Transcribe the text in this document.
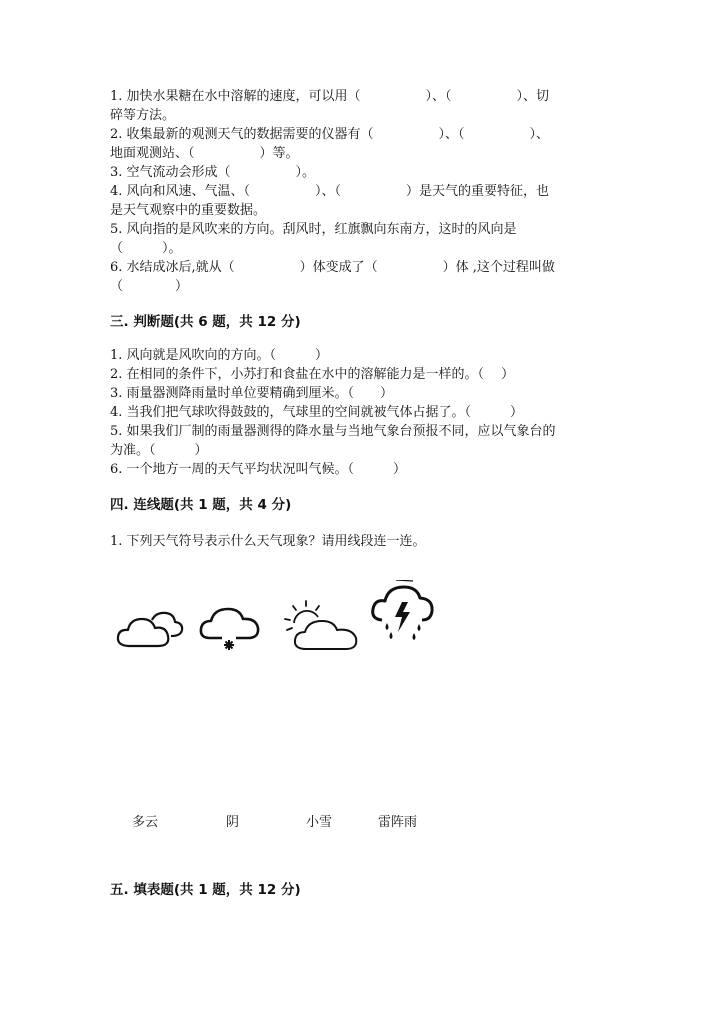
1. 加快水果糖在水中溶解的速度，可以用（　　　　　）、（　　　　　）、切
碎等方法。
2. 收集最新的观测天气的数据需要的仪器有（　　　　　）、（　　　　　）、
地面观测站、（　　　　　）等。
3. 空气流动会形成（　　　　　）。
4. 风向和风速、气温、（　　　　　）、（　　　　　）是天气的重要特征，也
是天气观察中的重要数据。
5. 风向指的是风吹来的方向。刮风时，红旗飘向东南方，这时的风向是
（　　　）。
6. 水结成冰后,就从（　　　　　）体变成了（　　　　　）体 ,这个过程叫做
（　　　　）
三. 判断题(共 6 题，共 12 分)
1. 风向就是风吹向的方向。（　　　）
2. 在相同的条件下，小苏打和食盐在水中的溶解能力是一样的。（　 ）
3. 雨量器测降雨量时单位要精确到厘米。（　　）
4. 当我们把气球吹得鼓鼓的，气球里的空间就被气体占据了。（　　　）
5. 如果我们厂制的雨量器测得的降水量与当地气象台预报不同，应以气象台的
为准。（　　　）
6. 一个地方一周的天气平均状况叫气候。（　　　）
四. 连线题(共 1 题，共 4 分)
1. 下列天气符号表示什么天气现象？请用线段连一连。
多云	阴	小雪	雷阵雨
五. 填表题(共 1 题，共 12 分)
